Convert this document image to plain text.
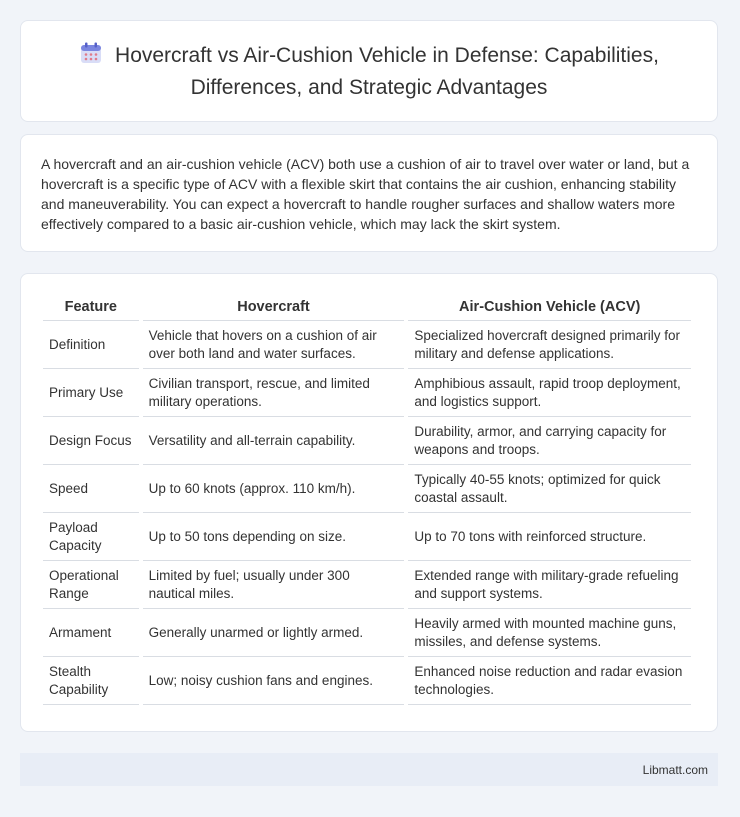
Hovercraft vs Air-Cushion Vehicle in Defense: Capabilities, Differences, and Strategic Advantages

A hovercraft and an air-cushion vehicle (ACV) both use a cushion of air to travel over water or land, but a hovercraft is a specific type of ACV with a flexible skirt that contains the air cushion, enhancing stability and maneuverability. You can expect a hovercraft to handle rougher surfaces and shallow waters more effectively compared to a basic air-cushion vehicle, which may lack the skirt system.

Feature	Hovercraft	Air-Cushion Vehicle (ACV)
Definition	Vehicle that hovers on a cushion of air over both land and water surfaces.	Specialized hovercraft designed primarily for military and defense applications.
Primary Use	Civilian transport, rescue, and limited military operations.	Amphibious assault, rapid troop deployment, and logistics support.
Design Focus	Versatility and all-terrain capability.	Durability, armor, and carrying capacity for weapons and troops.
Speed	Up to 60 knots (approx. 110 km/h).	Typically 40-55 knots; optimized for quick coastal assault.
Payload Capacity	Up to 50 tons depending on size.	Up to 70 tons with reinforced structure.
Operational Range	Limited by fuel; usually under 300 nautical miles.	Extended range with military-grade refueling and support systems.
Armament	Generally unarmed or lightly armed.	Heavily armed with mounted machine guns, missiles, and defense systems.
Stealth Capability	Low; noisy cushion fans and engines.	Enhanced noise reduction and radar evasion technologies.
Libmatt.com
